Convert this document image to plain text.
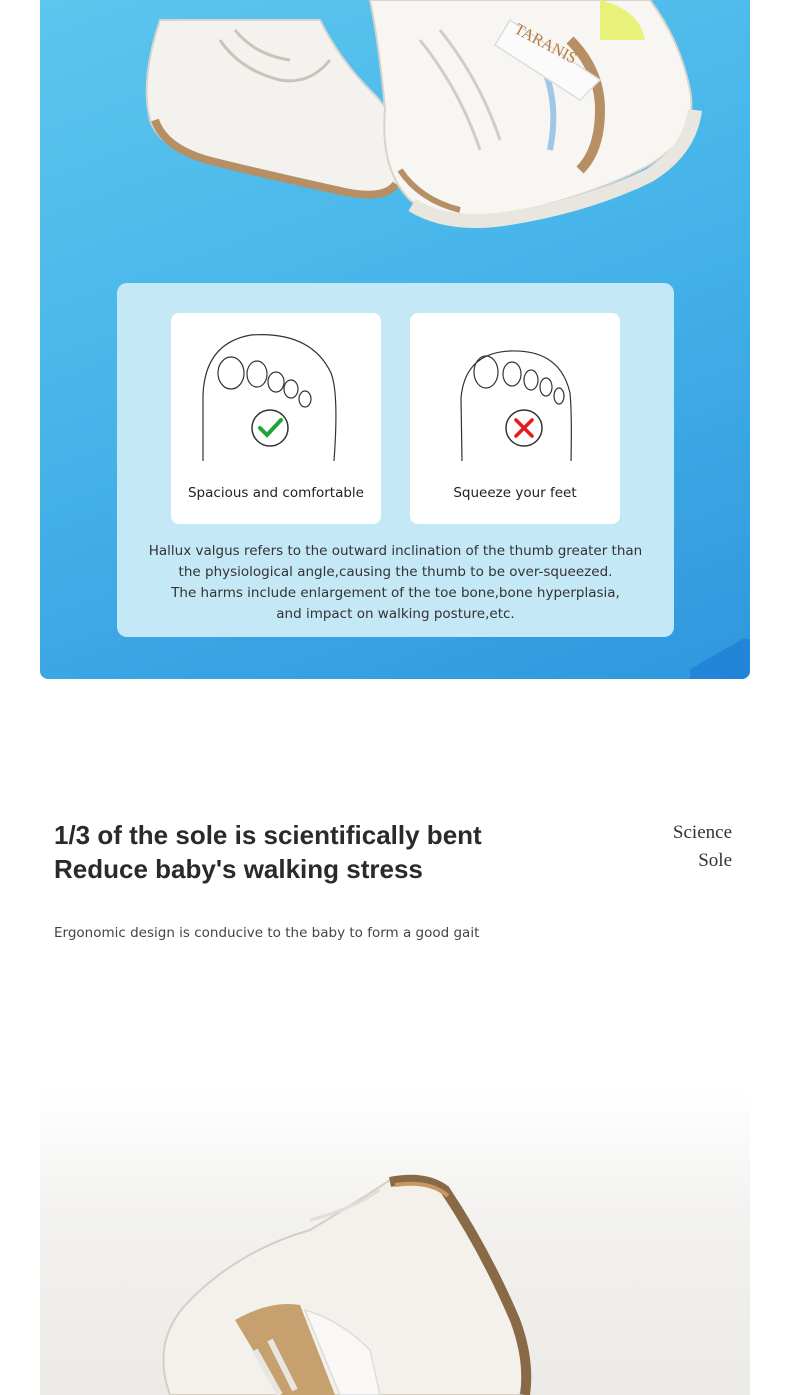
TARANIS
Spacious and comfortable	Squeeze your feet
Hallux valgus refers to the outward inclination of the thumb greater than
the physiological angle,causing the thumb to be over-squeezed.
The harms include enlargement of the toe bone,bone hyperplasia,
and impact on walking posture,etc.
1/3 of the sole is scientifically bent
Reduce baby's walking stress
Science
Sole
Ergonomic design is conducive to the baby to form a good gait
